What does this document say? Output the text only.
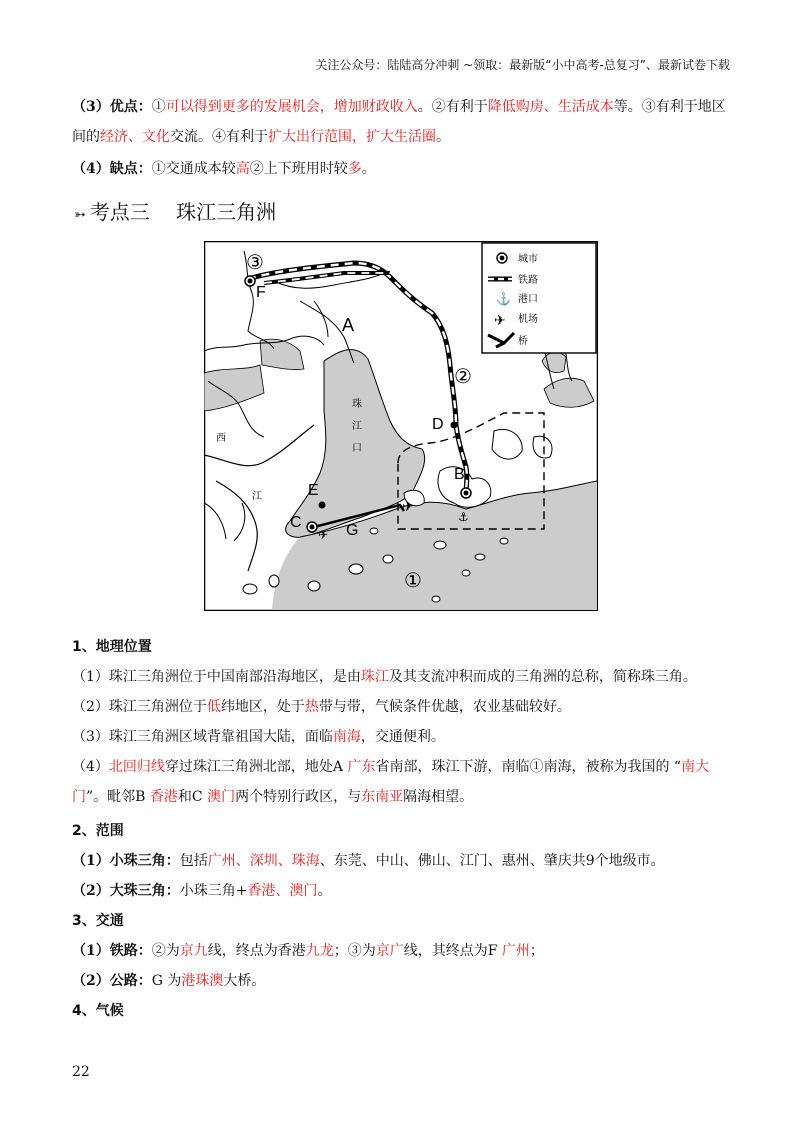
关注公众号：陆陆高分冲刺 ~领取：最新版“小中高考-总复习”、最新试卷下载
（3）优点：①可以得到更多的发展机会，增加财政收入。②有利于降低购房、生活成本等。③有利于地区间的经济、文化交流。④有利于扩大出行范围，扩大生活圈。
（4）缺点：①交通成本较高②上下班用时较多。
➳ 考点三　 珠江三角洲
✈
✈
⚓
A
B
C
D
E
F
G
①
②
③
珠
江
口
西
江
城市
铁路
⚓ 港口
✈ 机场
桥
1、地理位置
（1）珠江三角洲位于中国南部沿海地区，是由珠江及其支流冲积而成的三角洲的总称，简称珠三角。
（2）珠江三角洲位于低纬地区，处于热带与带，气候条件优越，农业基础较好。
（3）珠江三角洲区域背靠祖国大陆，面临南海，交通便利。
（4）北回归线穿过珠江三角洲北部，地处A 广东省南部，珠江下游，南临①南海，被称为我国的 “南大门”。毗邻B 香港和C 澳门两个特别行政区，与东南亚隔海相望。
2、范围
（1）小珠三角：包括广州、深圳、珠海、东莞、中山、佛山、江门、惠州、肇庆共9个地级市。
（2）大珠三角：小珠三角+香港、澳门。
3、交通
（1）铁路：②为京九线，终点为香港九龙；③为京广线，其终点为F 广州；
（2）公路：G 为港珠澳大桥。
4、气候
22
